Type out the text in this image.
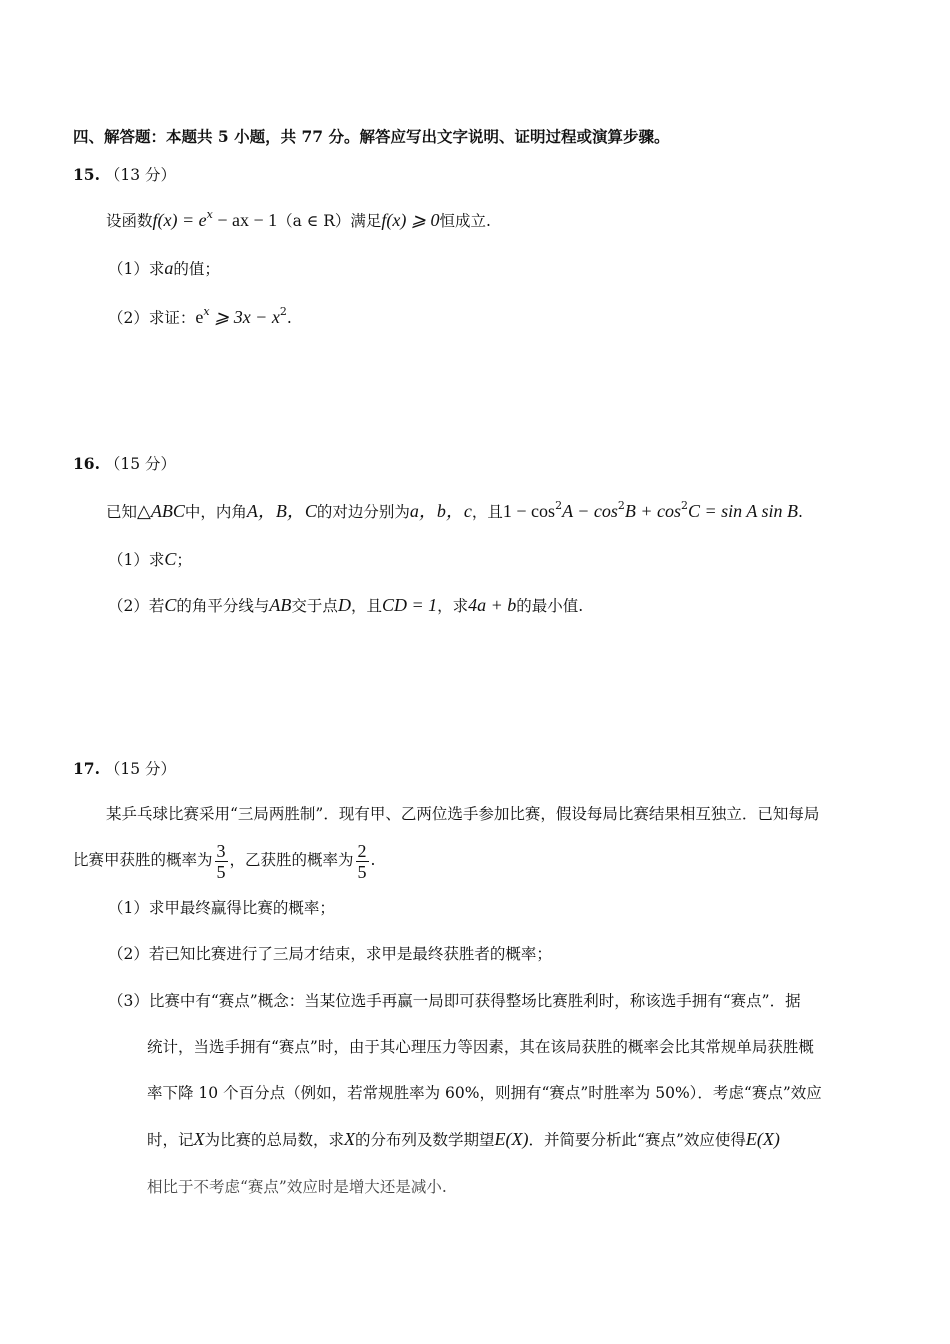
四、解答题：本题共 5 小题，共 77 分。解答应写出文字说明、证明过程或演算步骤。
15. （13 分）
设函数$f(x) = e^x$ − ax − 1（a ∈ R）满足f(x) ⩾ 0恒成立.
（1）求a的值；
（2）求证：$e^x$ ⩾ $3x - x^2$.
16. （15 分）
已知△ABC中，内角A，B，C的对边分别为a，b，c，且$1 - \cos^2A - \cos^2B + \cos^2C = \sin A$ sin B.
（1）求C；
（2）若C的角平分线与AB交于点D，且CD = 1，求4a + b的最小值.
17. （15 分）
某乒乓球比赛采用“三局两胜制”．现有甲、乙两位选手参加比赛，假设每局比赛结果相互独立．已知每局
比赛甲获胜的概率为 $\frac{3}{5}$ ，乙获胜的概率为 $\frac{2}{5}$ .
（1）求甲最终赢得比赛的概率；
（2）若已知比赛进行了三局才结束，求甲是最终获胜者的概率；
（3）比赛中有“赛点”概念：当某位选手再赢一局即可获得整场比赛胜利时，称该选手拥有“赛点”．据
统计，当选手拥有“赛点”时，由于其心理压力等因素，其在该局获胜的概率会比其常规单局获胜概
率下降 10 个百分点（例如，若常规胜率为 60%，则拥有“赛点”时胜率为 50%）．考虑“赛点”效应
时，记X为比赛的总局数，求X的分布列及数学期望E(X)．并简要分析此“赛点”效应使得E(X)
相比于不考虑“赛点”效应时是增大还是减小.
